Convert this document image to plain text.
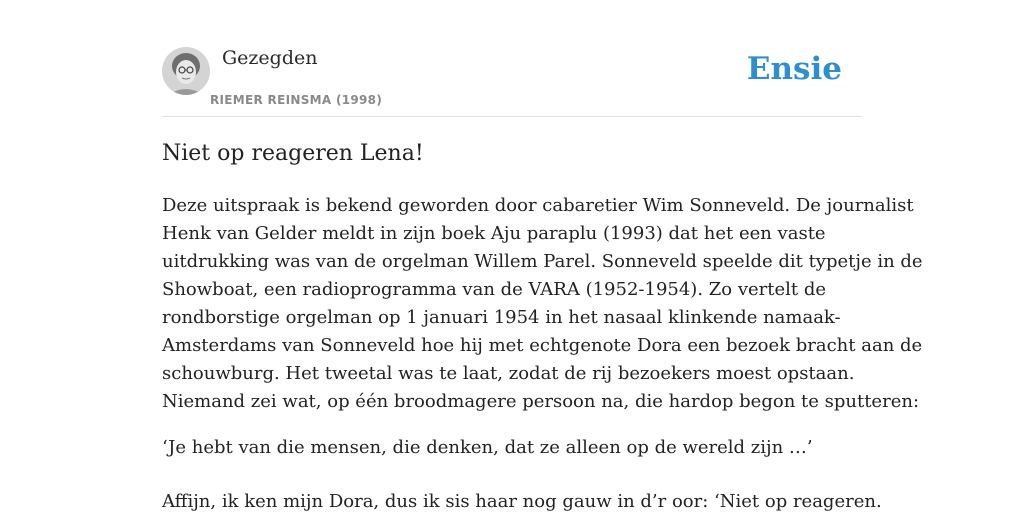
Gezegden
RIEMER REINSMA (1998)
Ensie
Niet op reageren Lena!

Deze uitspraak is bekend geworden door cabaretier Wim Sonneveld. De journalist
Henk van Gelder meldt in zijn boek Aju paraplu (1993) dat het een vaste
uitdrukking was van de orgelman Willem Parel. Sonneveld speelde dit typetje in de
Showboat, een radioprogramma van de VARA (1952-1954). Zo vertelt de
rondborstige orgelman op 1 januari 1954 in het nasaal klinkende namaak-
Amsterdams van Sonneveld hoe hij met echtgenote Dora een bezoek bracht aan de
schouwburg. Het tweetal was te laat, zodat de rij bezoekers moest opstaan.
Niemand zei wat, op één broodmagere persoon na, die hardop begon te sputteren:

‘Je hebt van die mensen, die denken, dat ze alleen op de wereld zijn …’

Affijn, ik ken mijn Dora, dus ik sis haar nog gauw in d’r oor: ‘Niet op reageren.
